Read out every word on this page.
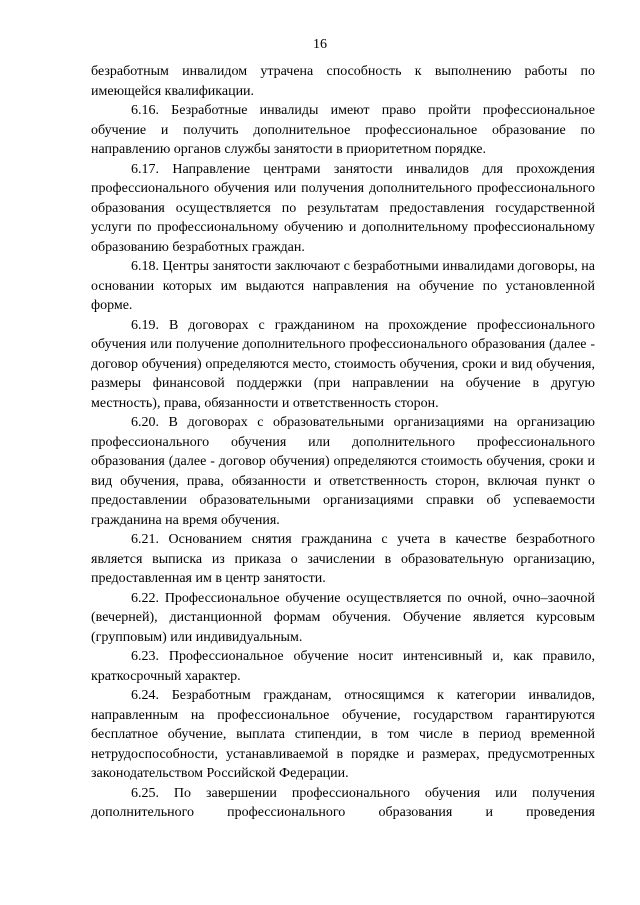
16

безработным инвалидом утрачена способность к выполнению работы по имеющейся квалификации.

6.16. Безработные инвалиды имеют право пройти профессиональное обучение и получить дополнительное профессиональное образование по направлению органов службы занятости в приоритетном порядке.

6.17. Направление центрами занятости инвалидов для прохождения профессионального обучения или получения дополнительного профессионального образования осуществляется по результатам предоставления государственной услуги по профессиональному обучению и дополнительному профессиональному образованию безработных граждан.

6.18. Центры занятости заключают с безработными инвалидами договоры, на основании которых им выдаются направления на обучение по установленной форме.

6.19. В договорах с гражданином на прохождение профессионального обучения или получение дополнительного профессионального образования (далее - договор обучения) определяются место, стоимость обучения, сроки и вид обучения, размеры финансовой поддержки (при направлении на обучение в другую местность), права, обязанности и ответственность сторон.

6.20. В договорах с образовательными организациями на организацию профессионального обучения или дополнительного профессионального образования (далее - договор обучения) определяются стоимость обучения, сроки и вид обучения, права, обязанности и ответственность сторон, включая пункт о предоставлении образовательными организациями справки об успеваемости гражданина на время обучения.

6.21. Основанием снятия гражданина с учета в качестве безработного является выписка из приказа о зачислении в образовательную организацию, предоставленная им в центр занятости.

6.22. Профессиональное обучение осуществляется по очной, очно–заочной (вечерней), дистанционной формам обучения. Обучение является курсовым (групповым) или индивидуальным.

6.23. Профессиональное обучение носит интенсивный и, как правило, краткосрочный характер.

6.24. Безработным гражданам, относящимся к категории инвалидов, направленным на профессиональное обучение, государством гарантируются бесплатное обучение, выплата стипендии, в том числе в период временной нетрудоспособности, устанавливаемой в порядке и размерах, предусмотренных законодательством Российской Федерации.

6.25. По завершении профессионального обучения или получения дополнительного профессионального образования и проведения
